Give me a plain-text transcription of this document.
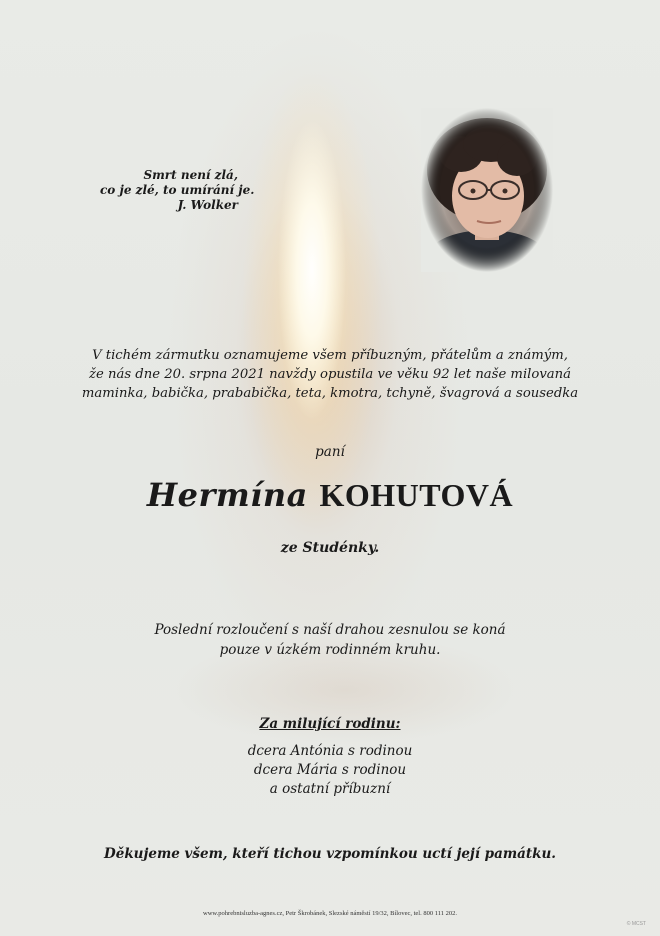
Smrt není zlá,
co je zlé, to umírání je.
J. Wolker
V tichém zármutku oznamujeme všem příbuzným, přátelům a známým,
že nás dne 20. srpna 2021 navždy opustila ve věku 92 let naše milovaná
maminka, babička, prababička, teta, kmotra, tchyně, švagrová a sousedka
paní
Hermína KOHUTOVÁ
ze Studénky.
Poslední rozloučení s naší drahou zesnulou se koná
pouze v úzkém rodinném kruhu.
Za milující rodinu:
dcera Antónia s rodinou
dcera Mária s rodinou
a ostatní příbuzní
Děkujeme všem, kteří tichou vzpomínkou uctí její památku.
www.pohrebnisluzba-agnes.cz, Petr Škrobánek, Slezské náměstí 19/32, Bílovec, tel. 800 111 202.
© MCST
